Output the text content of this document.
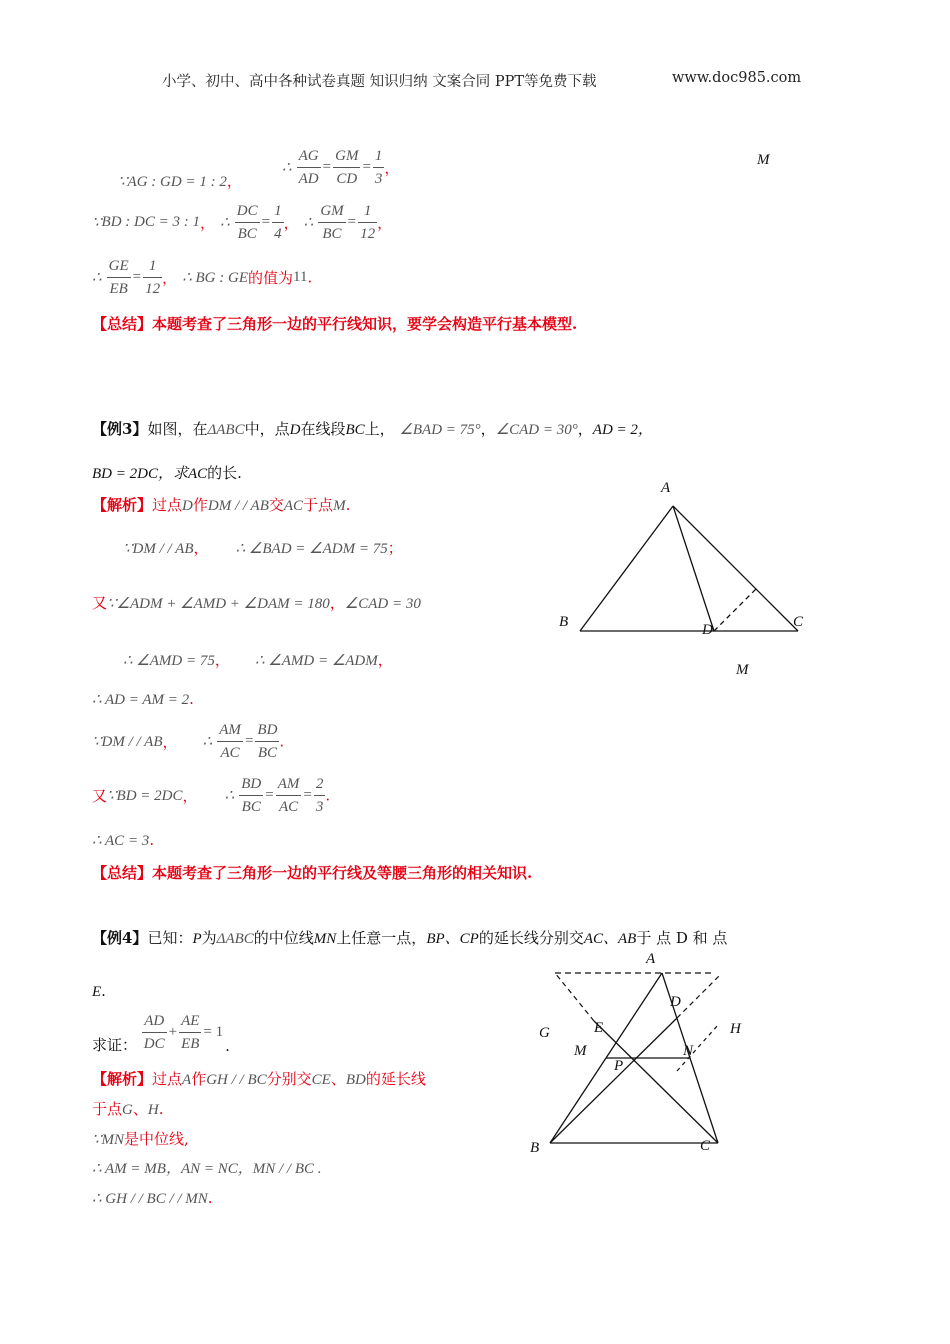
小学、初中、高中各种试卷真题 知识归纳 文案合同 PPT等免费下载	www.doc985.com
∵AG : GD = 1 : 2，
∴ $\frac{AG}{AD} = \frac{GM}{CD} = \frac{1}{3}$ ，	M
∵BD : DC = 3 : 1， ∴ $\frac{DC}{BC} = \frac{1}{4}$ ， ∴ $\frac{GM}{BC} = \frac{1}{12}$ ，
∴ $\frac{GE}{EB} = \frac{1}{12}$ ， ∴ BG : GE的值为11.
【总结】本题考查了三角形一边的平行线知识，要学会构造平行基本模型.
【例3】如图，在ΔABC中，点D在线段BC上， ∠BAD = 75°，∠CAD = 30°，AD = 2，
BD = 2DC，求AC的长.
【解析】过点D作DM / / AB交AC于点M.
∵DM / / AB， ∴ ∠BAD = ∠ADM = 75；
又∵∠ADM + ∠AMD + ∠DAM = 180，∠CAD = 30
∴ ∠AMD = 75， ∴ ∠AMD = ∠ADM，
∴ AD = AM = 2.
∵DM / / AB， ∴ $\frac{AM}{AC} = \frac{BD}{BC}$ .
又∵BD = 2DC， ∴ $\frac{BD}{BC} = \frac{AM}{AC} = \frac{2}{3}$ .
∴ AC = 3.
【总结】本题考查了三角形一边的平行线及等腰三角形的相关知识.
A
B	C
D
M
【例4】已知：P为ΔABC的中位线MN上任意一点，BP、CP的延长线分别交AC、AB于 点 D 和 点
E.
求证： $\frac{AD}{DC} + \frac{AE}{EB} = 1$.
【解析】过点A作GH / / BC分别交CE、BD的延长线
于点G、H.
∵MN是中位线,
∴ AM = MB，AN = NC，MN / / BC .
∴ GH / / BC / / MN.
A
B	C
D
E
G	H
M	N
P
